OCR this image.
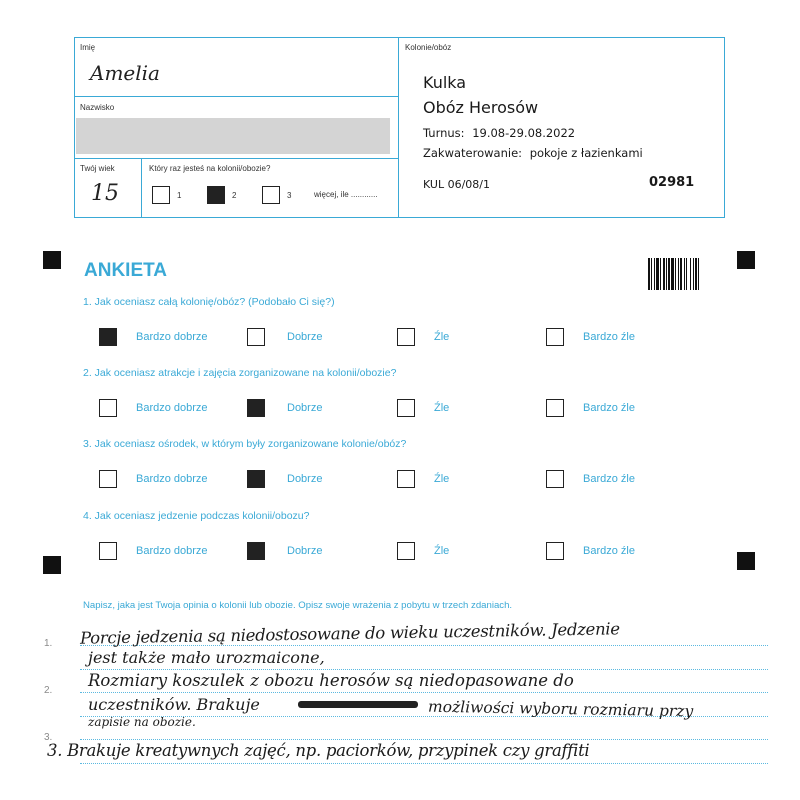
Imię
Amelia
Nazwisko
Twój wiek
15
Który raz jesteś na kolonii/obozie?
1	2	3	więcej, ile ............
Kolonie/obóz
Kulka
Obóz Herosów
Turnus: 19.08-29.08.2022
Zakwaterowanie: pokoje z łazienkami
KUL 06/08/1	02981
ANKIETA
1. Jak oceniasz całą kolonię/obóz? (Podobało Ci się?)
Bardzo dobrze	Dobrze	Źle	Bardzo źle
2. Jak oceniasz atrakcje i zajęcia zorganizowane na kolonii/obozie?
Bardzo dobrze	Dobrze	Źle	Bardzo źle
3. Jak oceniasz ośrodek, w którym były zorganizowane kolonie/obóz?
Bardzo dobrze	Dobrze	Źle	Bardzo źle
4. Jak oceniasz jedzenie podczas kolonii/obozu?
Bardzo dobrze	Dobrze	Źle	Bardzo źle
Napisz, jaka jest Twoja opinia o kolonii lub obozie. Opisz swoje wrażenia z pobytu w trzech zdaniach.
1.
2.
3.
Porcje jedzenia są niedostosowane do wieku uczestników. Jedzenie
jest także mało urozmaicone,
Rozmiary koszulek z obozu herosów są niedopasowane do
uczestników. Brakuje	możliwości wyboru rozmiaru przy
zapisie na obozie.
3. Brakuje kreatywnych zajęć, np. paciorków, przypinek czy graffiti
